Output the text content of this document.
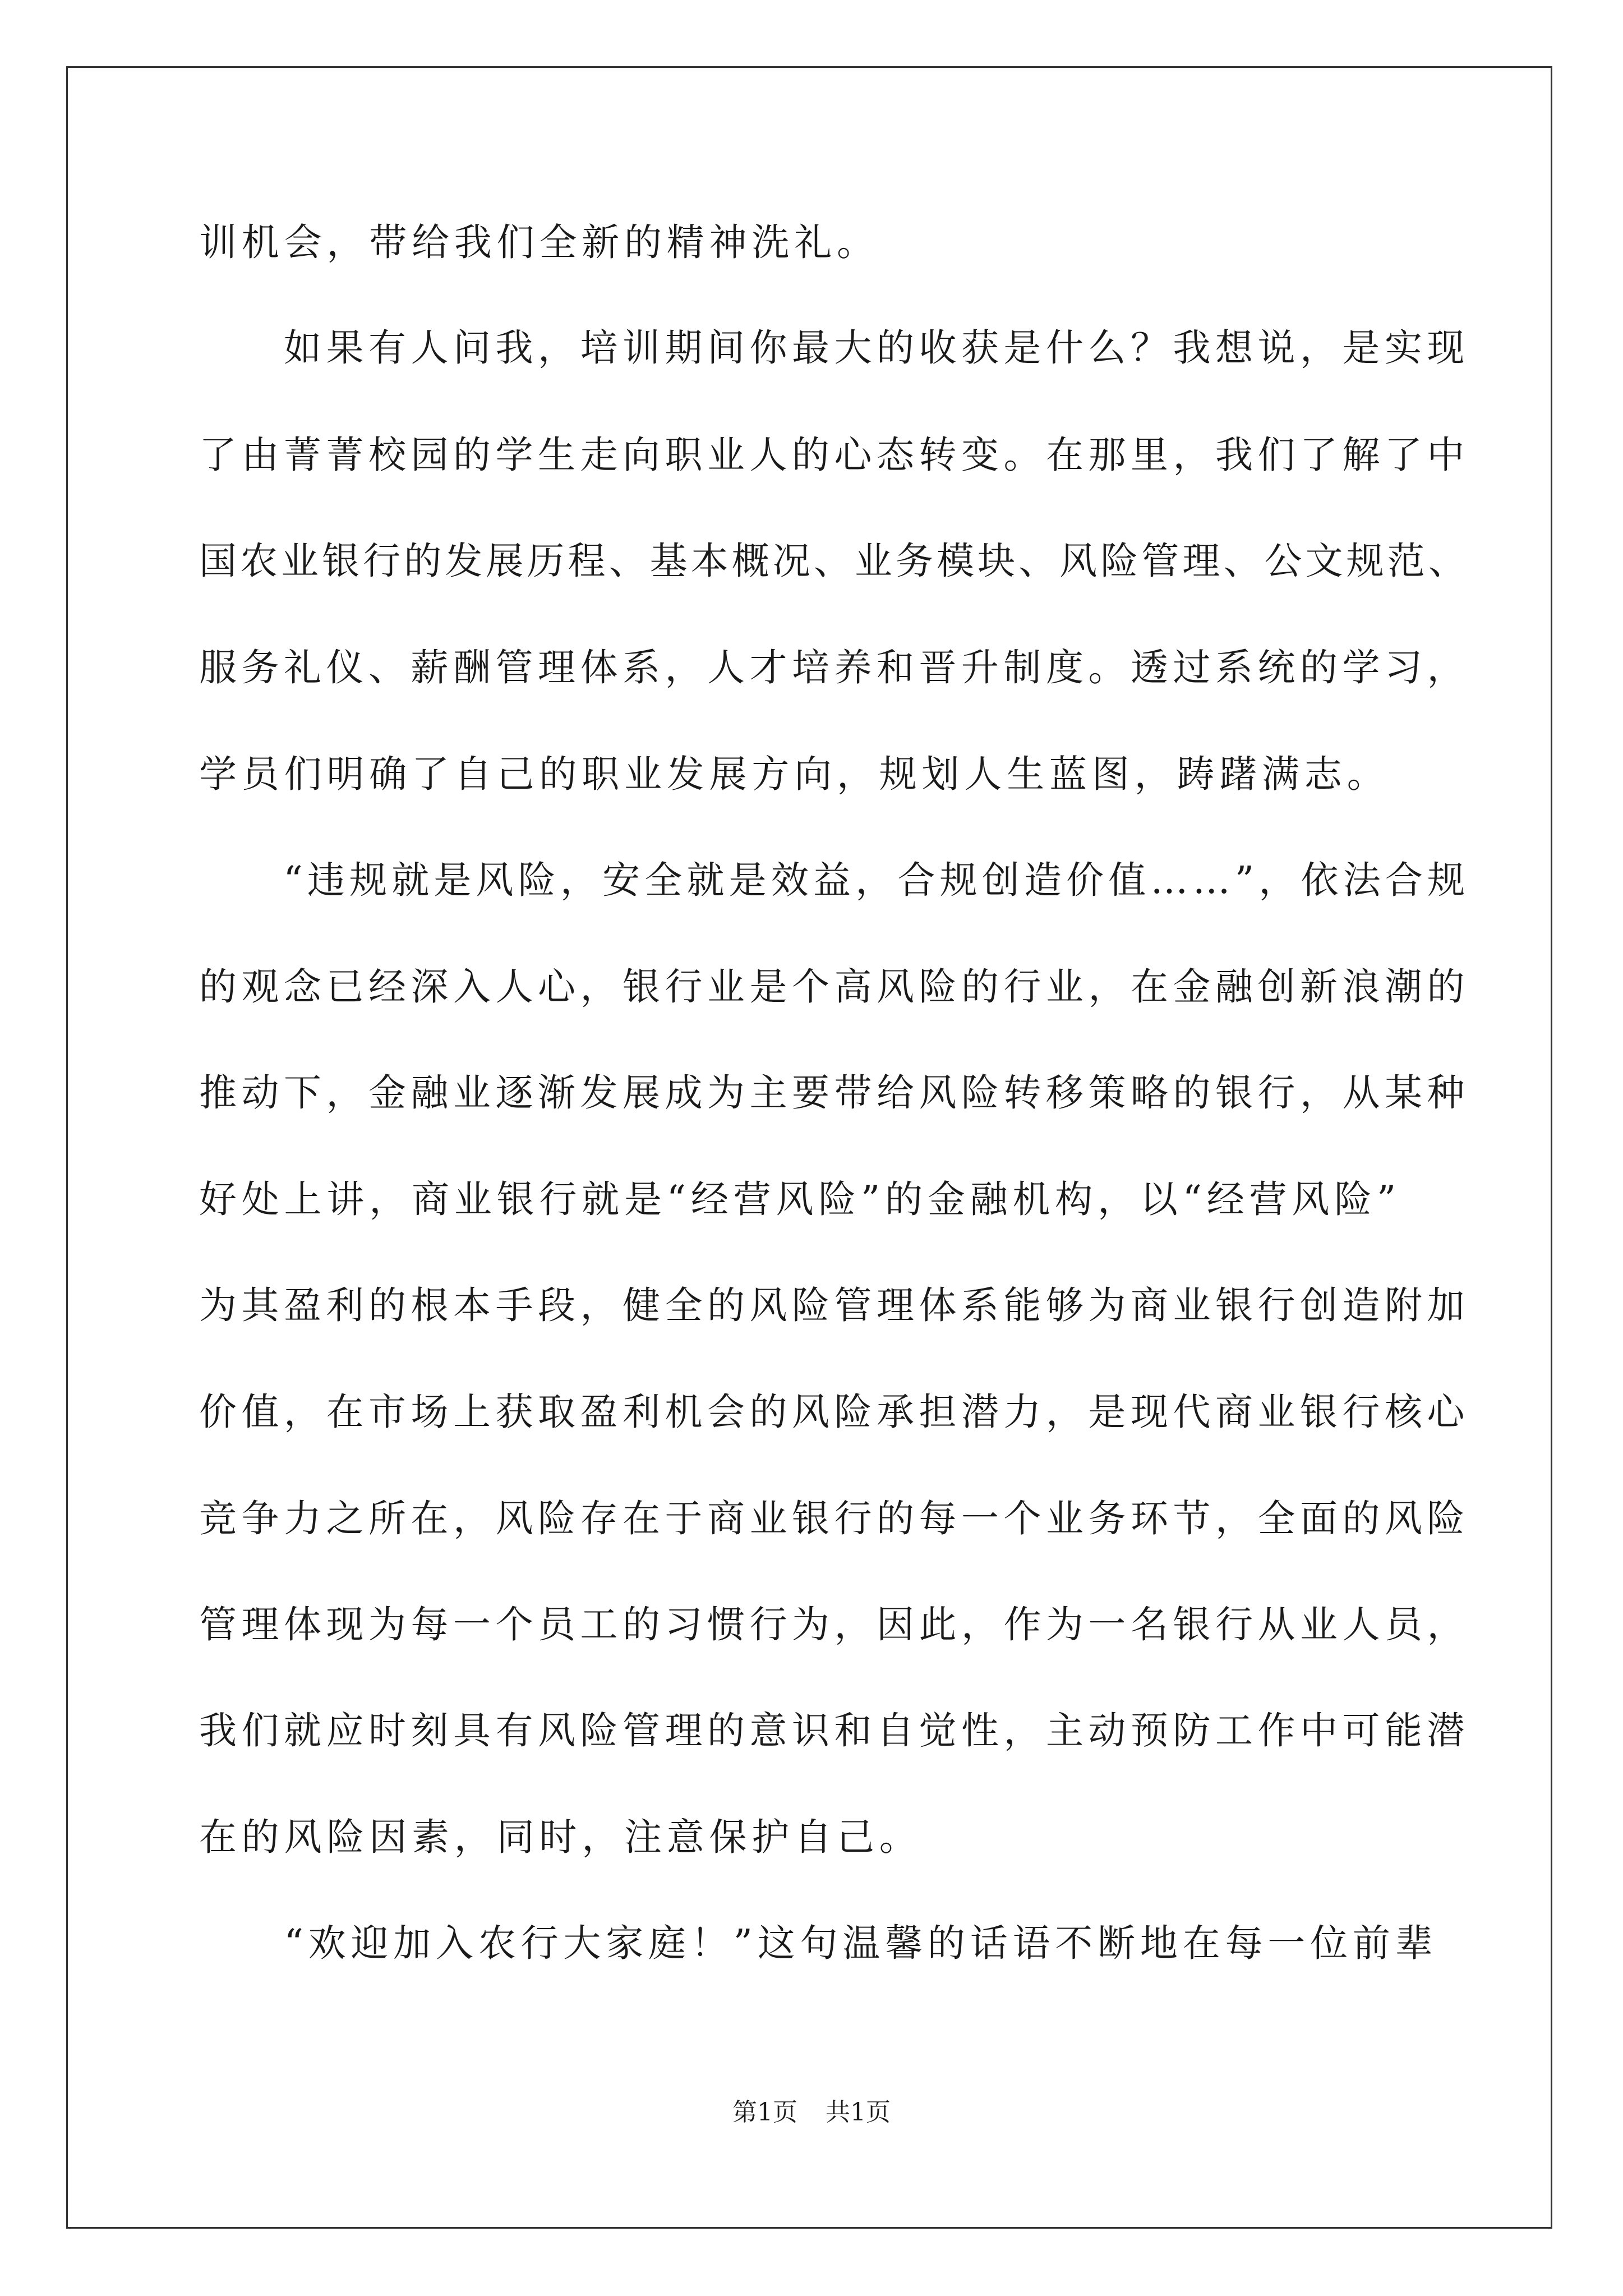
训机会，带给我们全新的精神洗礼。
　　如果有人问我，培训期间你最大的收获是什么？我想说，是实现
了由菁菁校园的学生走向职业人的心态转变。在那里，我们了解了中
国农业银行的发展历程、基本概况、业务模块、风险管理、公文规范、
服务礼仪、薪酬管理体系，人才培养和晋升制度。透过系统的学习，
学员们明确了自己的职业发展方向，规划人生蓝图，踌躇满志。
　　“违规就是风险，安全就是效益，合规创造价值……”，依法合规
的观念已经深入人心，银行业是个高风险的行业，在金融创新浪潮的
推动下，金融业逐渐发展成为主要带给风险转移策略的银行，从某种
好处上讲，商业银行就是“经营风险”的金融机构，以“经营风险”
为其盈利的根本手段，健全的风险管理体系能够为商业银行创造附加
价值，在市场上获取盈利机会的风险承担潜力，是现代商业银行核心
竞争力之所在，风险存在于商业银行的每一个业务环节，全面的风险
管理体现为每一个员工的习惯行为，因此，作为一名银行从业人员，
我们就应时刻具有风险管理的意识和自觉性，主动预防工作中可能潜
在的风险因素，同时，注意保护自己。
　　“欢迎加入农行大家庭！”这句温馨的话语不断地在每一位前辈
第1页 共1页
